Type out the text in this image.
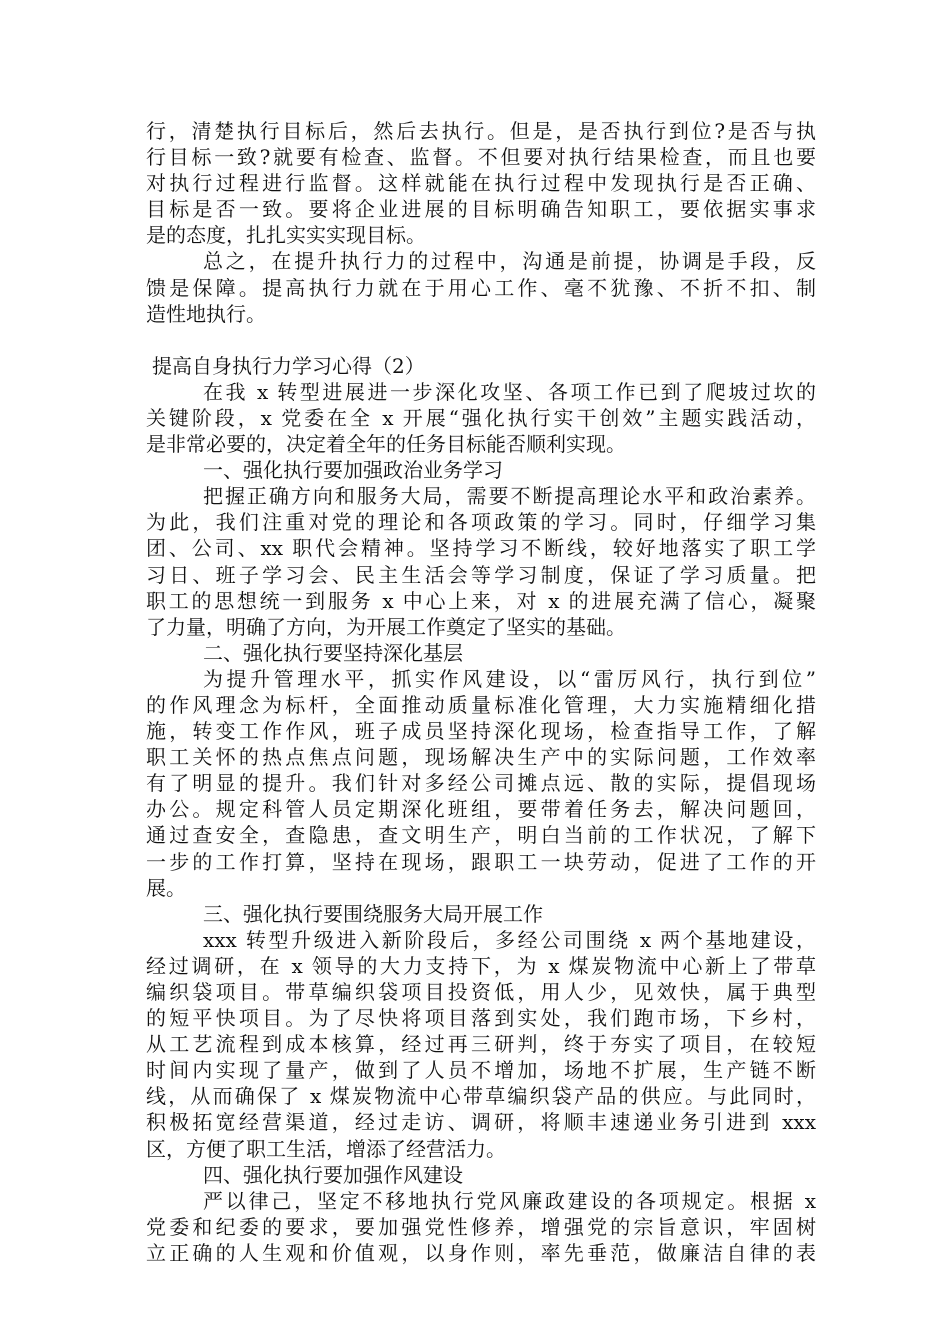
行，清楚执行目标后，然后去执行。但是，是否执行到位?是否与执
行目标一致?就要有检查、监督。不但要对执行结果检查，而且也要
对执行过程进行监督。这样就能在执行过程中发现执行是否正确、
目标是否一致。要将企业进展的目标明确告知职工，要依据实事求
是的态度，扎扎实实实现目标。
总之，在提升执行力的过程中，沟通是前提，协调是手段，反
馈是保障。提高执行力就在于用心工作、毫不犹豫、不折不扣、制
造性地执行。
提高自身执行力学习心得（2）
在我 x 转型进展进一步深化攻坚、各项工作已到了爬坡过坎的
关键阶段，x 党委在全 x 开展“强化执行实干创效”主题实践活动，
是非常必要的，决定着全年的任务目标能否顺利实现。
一、强化执行要加强政治业务学习
把握正确方向和服务大局，需要不断提高理论水平和政治素养。
为此，我们注重对党的理论和各项政策的学习。同时，仔细学习集
团、公司、xx 职代会精神。坚持学习不断线，较好地落实了职工学
习日、班子学习会、民主生活会等学习制度，保证了学习质量。把
职工的思想统一到服务 x 中心上来，对 x 的进展充满了信心，凝聚
了力量，明确了方向，为开展工作奠定了坚实的基础。
二、强化执行要坚持深化基层
为提升管理水平，抓实作风建设，以“雷厉风行，执行到位”
的作风理念为标杆，全面推动质量标准化管理，大力实施精细化措
施，转变工作作风，班子成员坚持深化现场，检查指导工作，了解
职工关怀的热点焦点问题，现场解决生产中的实际问题，工作效率
有了明显的提升。我们针对多经公司摊点远、散的实际，提倡现场
办公。规定科管人员定期深化班组，要带着任务去，解决问题回，
通过查安全，查隐患，查文明生产，明白当前的工作状况，了解下
一步的工作打算，坚持在现场，跟职工一块劳动，促进了工作的开
展。
三、强化执行要围绕服务大局开展工作
xxx 转型升级进入新阶段后，多经公司围绕 x 两个基地建设，
经过调研，在 x 领导的大力支持下，为 x 煤炭物流中心新上了带草
编织袋项目。带草编织袋项目投资低，用人少，见效快，属于典型
的短平快项目。为了尽快将项目落到实处，我们跑市场，下乡村，
从工艺流程到成本核算，经过再三研判，终于夯实了项目，在较短
时间内实现了量产，做到了人员不增加，场地不扩展，生产链不断
线，从而确保了 x 煤炭物流中心带草编织袋产品的供应。与此同时，
积极拓宽经营渠道，经过走访、调研，将顺丰速递业务引进到 xxx
区，方便了职工生活，增添了经营活力。
四、强化执行要加强作风建设
严以律己，坚定不移地执行党风廉政建设的各项规定。根据 x
党委和纪委的要求，要加强党性修养，增强党的宗旨意识，牢固树
立正确的人生观和价值观，以身作则，率先垂范，做廉洁自律的表
